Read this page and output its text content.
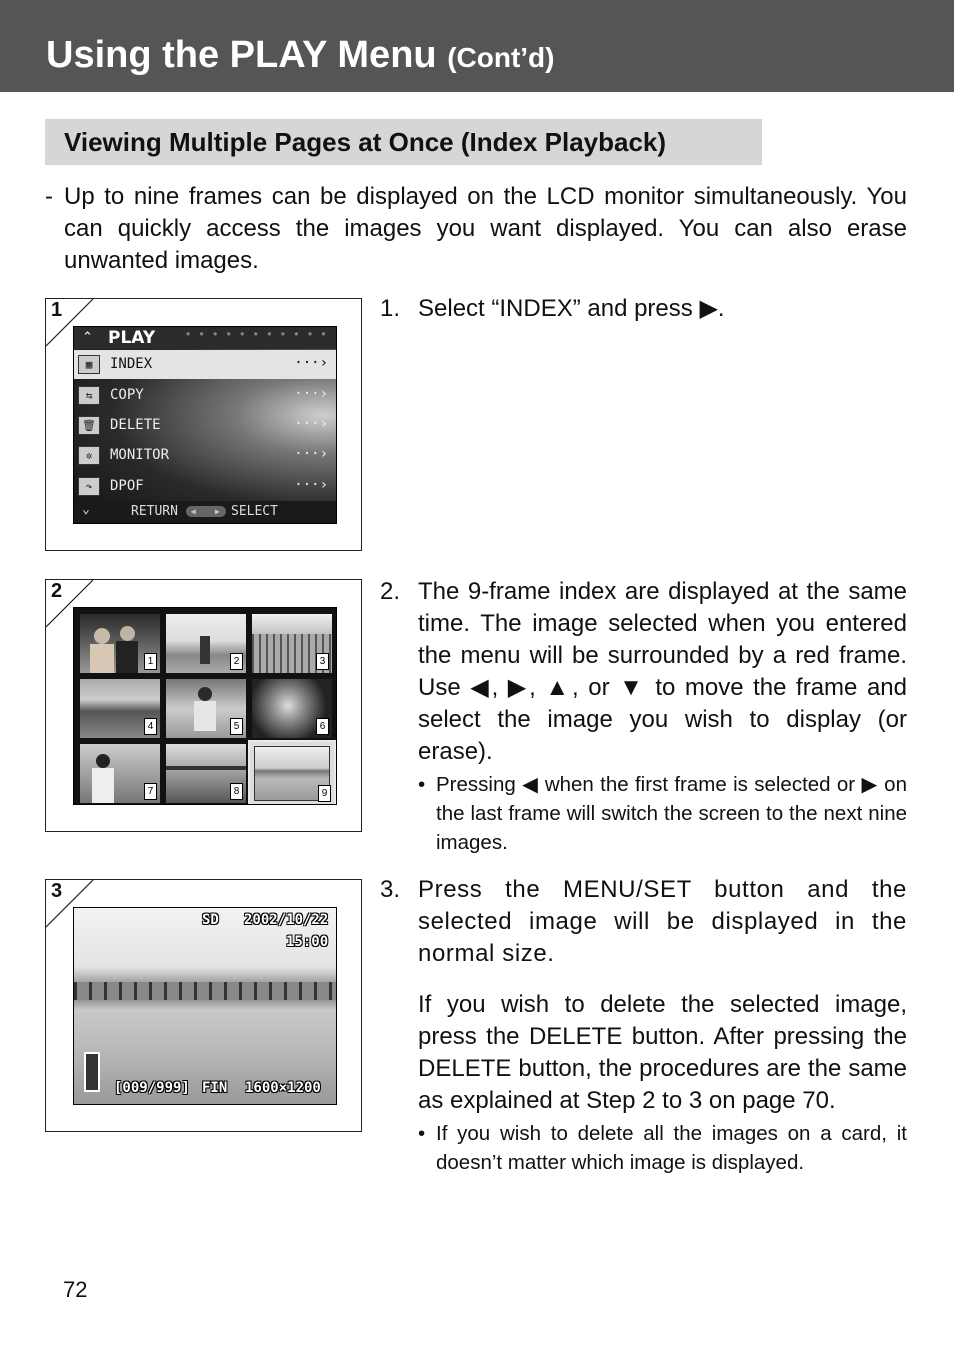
Using the PLAY Menu (Cont’d)
Viewing Multiple Pages at Once (Index Playback)
- Up to nine frames can be displayed on the LCD monitor simultaneously. You can quickly access the images you want displayed. You can also erase unwanted images.
1
⌃ PLAY	• • • • • • • • • • •
▦	INDEX	···›
⇆	COPY	···›
🗑 DELETE	···›
✲	MONITOR	···›
↷	DPOF	···›
⌄	RETURN ◀    ▶ SELECT
2
1	2	3
4	5	6
7	8	9
3
SD 2002/10/22
15:00
[009/999] FIN 1600×1200
1. Select “INDEX” and press ▶.
2. The 9-frame index are displayed at the same time. The image selected when you entered the menu will be surrounded by a red frame. Use ◀, ▶, ▲, or ▼ to move the frame and select the image you wish to display (or erase).
• Pressing ◀ when the first frame is selected or ▶ on the last frame will switch the screen to the next nine images.
3. Press the MENU/SET button and the selected image will be displayed in the normal size.
If you wish to delete the selected image, press the DELETE button. After pressing the DELETE button, the procedures are the same as explained at Step 2 to 3 on page 70.
• If you wish to delete all the images on a card, it doesn’t matter which image is displayed.
72
